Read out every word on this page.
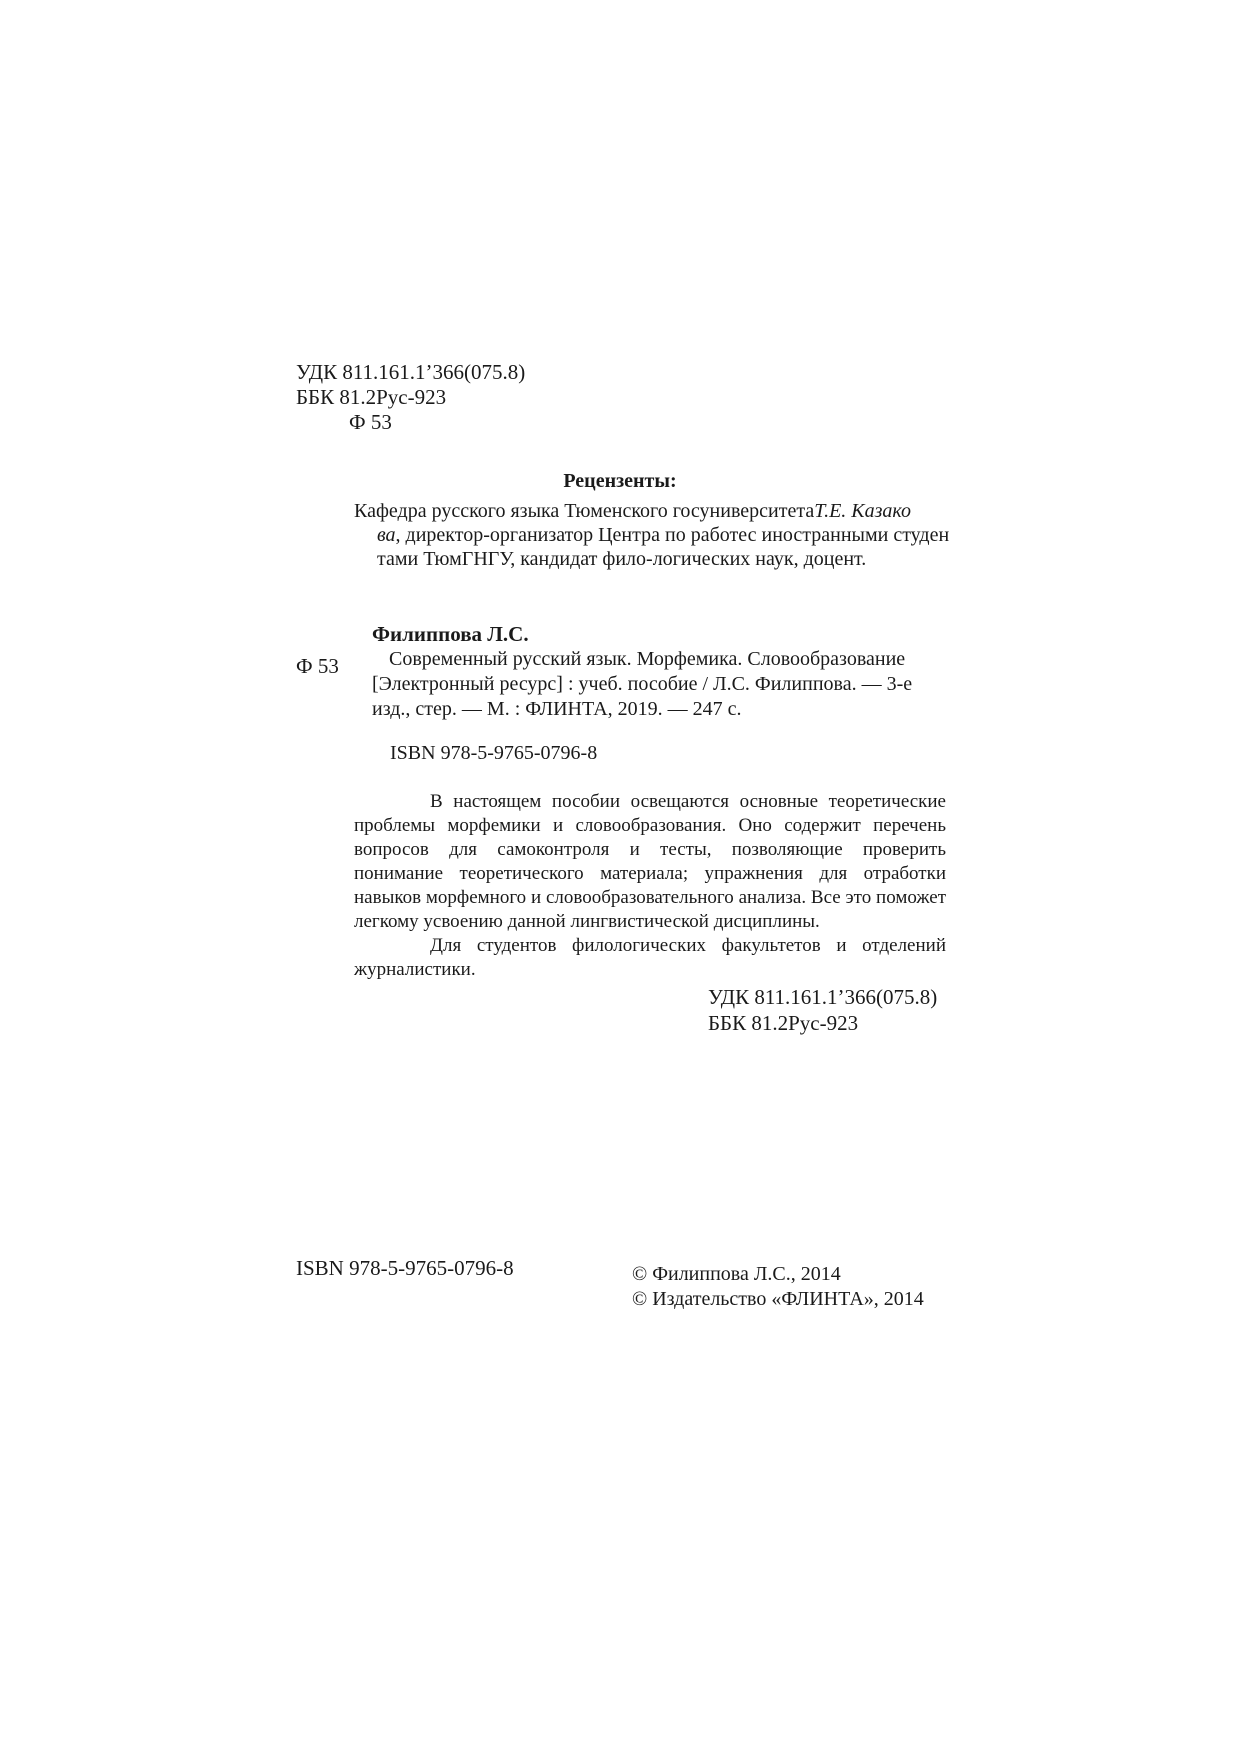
УДК 811.161.1’366(075.8)
ББК 81.2Рус-923
Ф 53
Рецензенты:
Кафедра русского языка Тюменского госуниверситетаТ.Е. Казако
ва, директор-организатор Центра по работес иностранными студен
тами ТюмГНГУ, кандидат фило-логических наук, доцент.
Филиппова Л.С.
Ф 53	Современный русский язык. Морфемика. Словообразование
[Электронный ресурс] : учеб. пособие / Л.С. Филиппова. — 3-е
изд., стер. — М. : ФЛИНТА, 2019. — 247 с.
ISBN 978-5-9765-0796-8

В настоящем пособии освещаются основные теоретические проблемы морфемики и словообразования. Оно содержит перечень вопросов для самоконтроля и тесты, позволяющие проверить понимание теоретического материала; упражнения для отработки навыков морфемного и словообразовательного анализа. Все это поможет легкому усвоению данной лингвистической дисциплины.

Для студентов филологических факультетов и отделений журналистики.

УДК 811.161.1’366(075.8)
ББК 81.2Рус-923
ISBN 978-5-9765-0796-8	© Филиппова Л.С., 2014
© Издательство «ФЛИНТА», 2014
